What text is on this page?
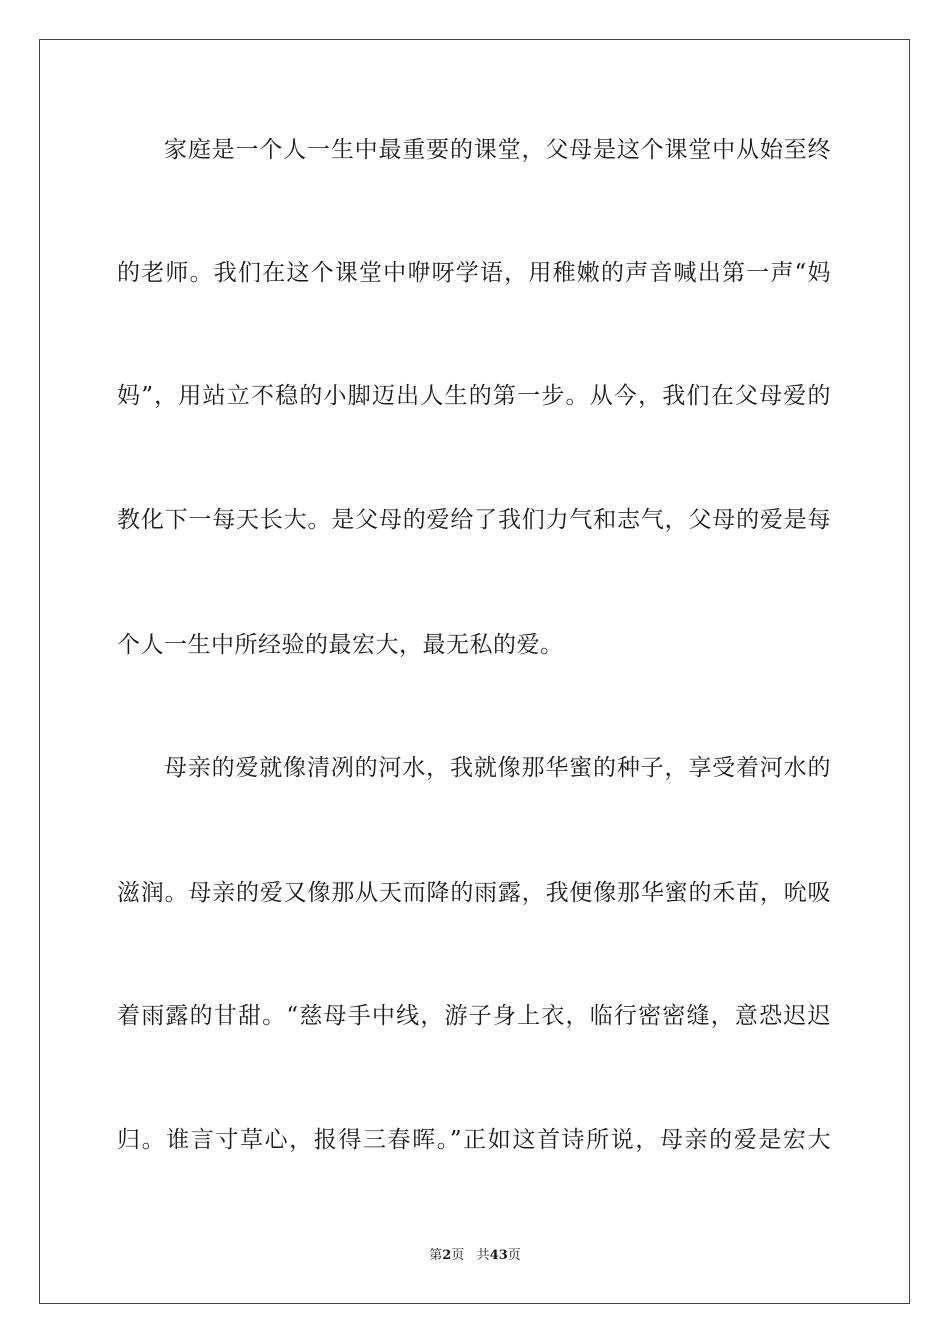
家庭是一个人一生中最重要的课堂，父母是这个课堂中从始至终
的老师。我们在这个课堂中咿呀学语，用稚嫩的声音喊出第一声“妈
妈”，用站立不稳的小脚迈出人生的第一步。从今，我们在父母爱的
教化下一每天长大。是父母的爱给了我们力气和志气，父母的爱是每
个人一生中所经验的最宏大，最无私的爱。
母亲的爱就像清冽的河水，我就像那华蜜的种子，享受着河水的
滋润。母亲的爱又像那从天而降的雨露，我便像那华蜜的禾苗，吮吸
着雨露的甘甜。“慈母手中线，游子身上衣，临行密密缝，意恐迟迟
归。谁言寸草心，报得三春晖。”正如这首诗所说，母亲的爱是宏大
第2页 共43页
